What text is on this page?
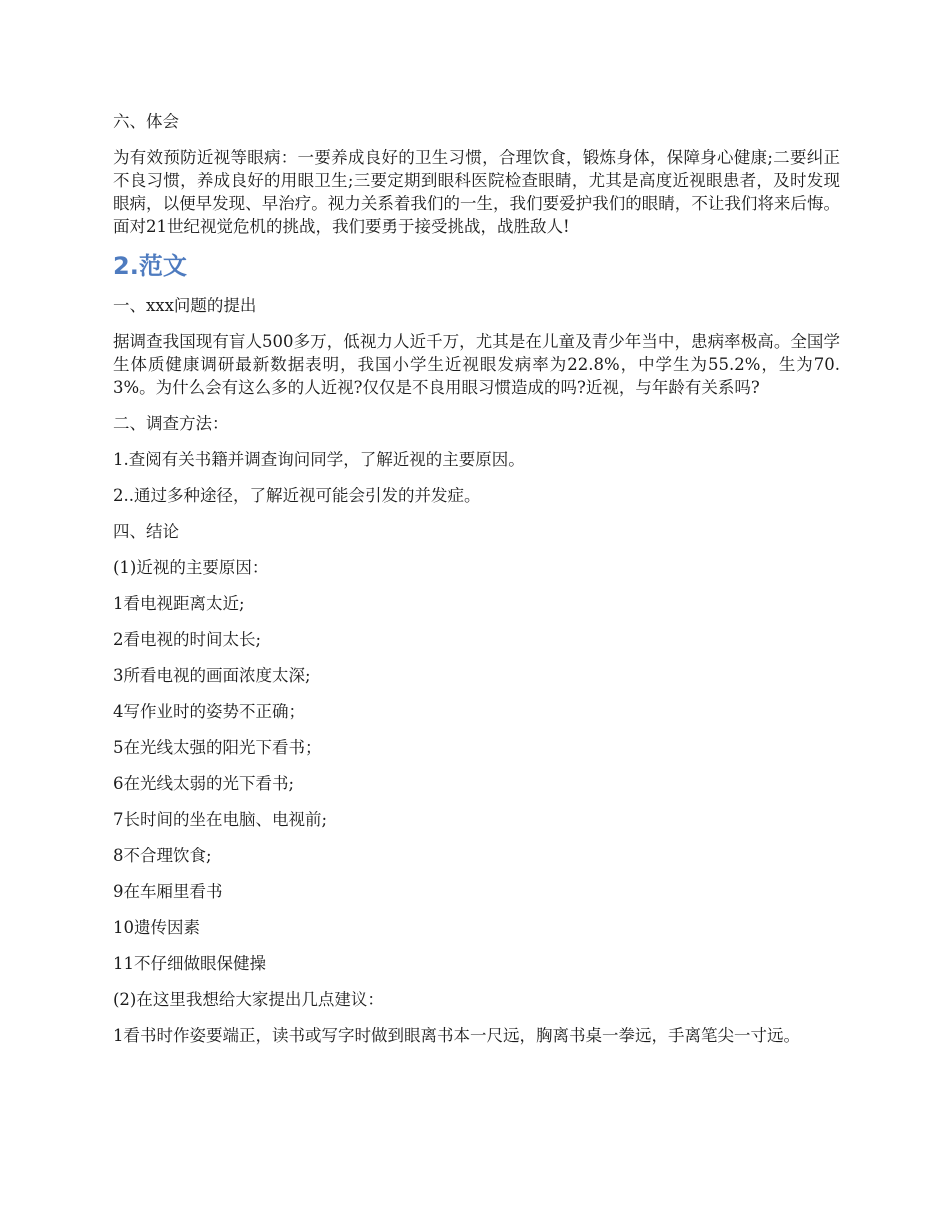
六、体会

为有效预防近视等眼病：一要养成良好的卫生习惯，合理饮食，锻炼身体，保障身心健康;二要纠正不良习惯，养成良好的用眼卫生;三要定期到眼科医院检查眼睛，尤其是高度近视眼患者，及时发现眼病，以便早发现、早治疗。视力关系着我们的一生，我们要爱护我们的眼睛，不让我们将来后悔。面对21世纪视觉危机的挑战，我们要勇于接受挑战，战胜敌人!

2.范文

一、xxx问题的提出

据调查我国现有盲人500多万，低视力人近千万，尤其是在儿童及青少年当中，患病率极高。全国学生体质健康调研最新数据表明，我国小学生近视眼发病率为22.8%，中学生为55.2%，生为70.3%。为什么会有这么多的人近视?仅仅是不良用眼习惯造成的吗?近视，与年龄有关系吗?

二、调查方法：

1.查阅有关书籍并调查询问同学，了解近视的主要原因。

2..通过多种途径，了解近视可能会引发的并发症。

四、结论

(1)近视的主要原因：

1看电视距离太近;

2看电视的时间太长;

3所看电视的画面浓度太深;

4写作业时的姿势不正确；

5在光线太强的阳光下看书；

6在光线太弱的光下看书;

7长时间的坐在电脑、电视前;

8不合理饮食;

9在车厢里看书

10遗传因素

11不仔细做眼保健操

(2)在这里我想给大家提出几点建议：

1看书时作姿要端正，读书或写字时做到眼离书本一尺远，胸离书桌一拳远，手离笔尖一寸远。
